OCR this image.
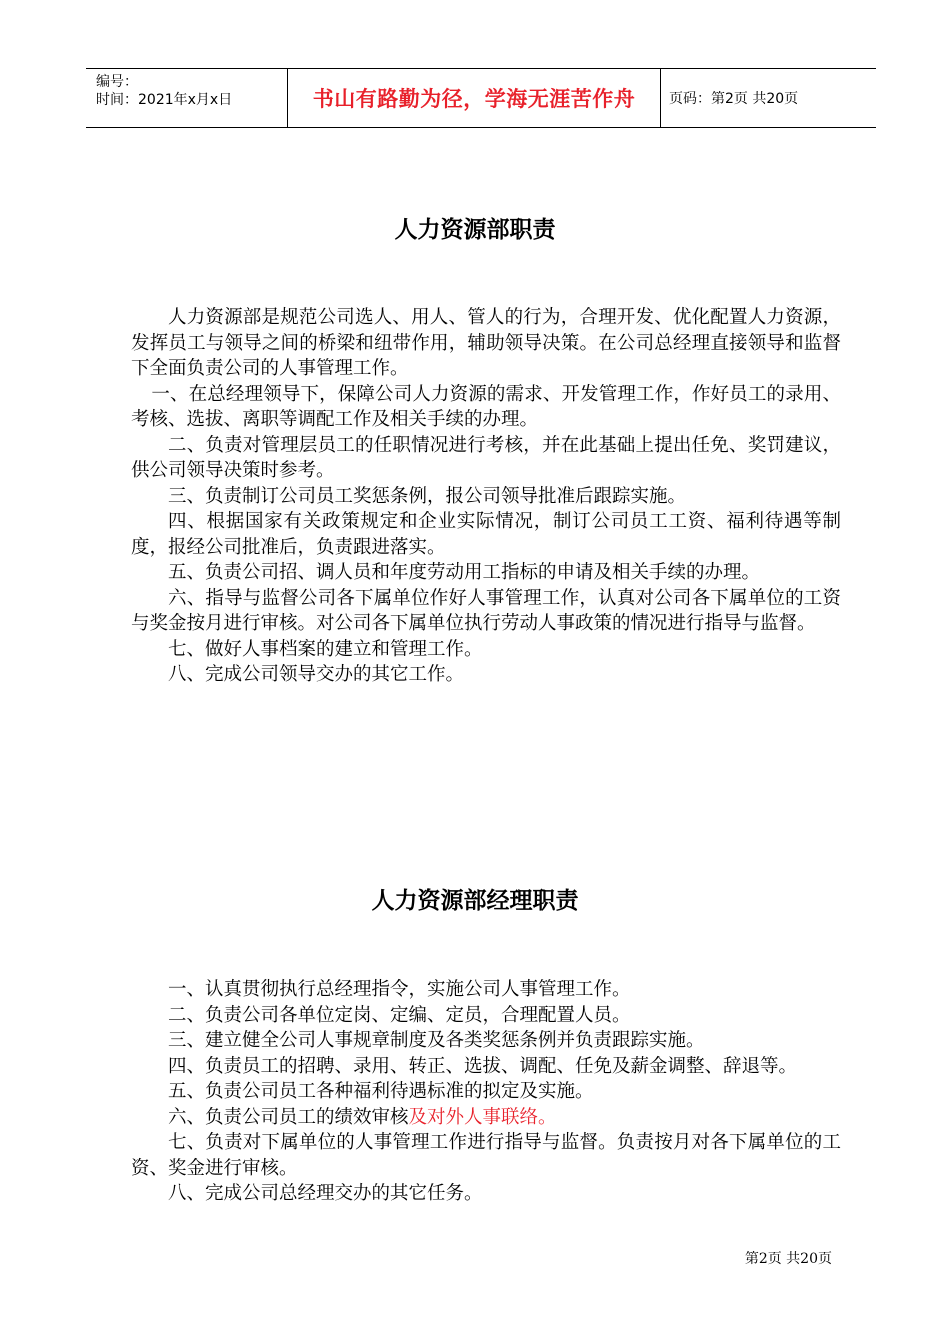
编号：
时间：2021年x月x日	书山有路勤为径，学海无涯苦作舟	页码：第2页 共20页
人力资源部职责

人力资源部是规范公司选人、用人、管人的行为，合理开发、优化配置人力资源，发挥员工与领导之间的桥梁和纽带作用，辅助领导决策。在公司总经理直接领导和监督下全面负责公司的人事管理工作。

一、在总经理领导下，保障公司人力资源的需求、开发管理工作，作好员工的录用、考核、选拔、离职等调配工作及相关手续的办理。

二、负责对管理层员工的任职情况进行考核，并在此基础上提出任免、奖罚建议，供公司领导决策时参考。

三、负责制订公司员工奖惩条例，报公司领导批准后跟踪实施。

四、根据国家有关政策规定和企业实际情况，制订公司员工工资、福利待遇等制度，报经公司批准后，负责跟进落实。

五、负责公司招、调人员和年度劳动用工指标的申请及相关手续的办理。

六、指导与监督公司各下属单位作好人事管理工作，认真对公司各下属单位的工资与奖金按月进行审核。对公司各下属单位执行劳动人事政策的情况进行指导与监督。

七、做好人事档案的建立和管理工作。

八、完成公司领导交办的其它工作。

人力资源部经理职责

一、认真贯彻执行总经理指令，实施公司人事管理工作。

二、负责公司各单位定岗、定编、定员，合理配置人员。

三、建立健全公司人事规章制度及各类奖惩条例并负责跟踪实施。

四、负责员工的招聘、录用、转正、选拔、调配、任免及薪金调整、辞退等。

五、负责公司员工各种福利待遇标准的拟定及实施。

六、负责公司员工的绩效审核及对外人事联络。

七、负责对下属单位的人事管理工作进行指导与监督。负责按月对各下属单位的工资、奖金进行审核。

八、完成公司总经理交办的其它任务。

第2页 共20页
